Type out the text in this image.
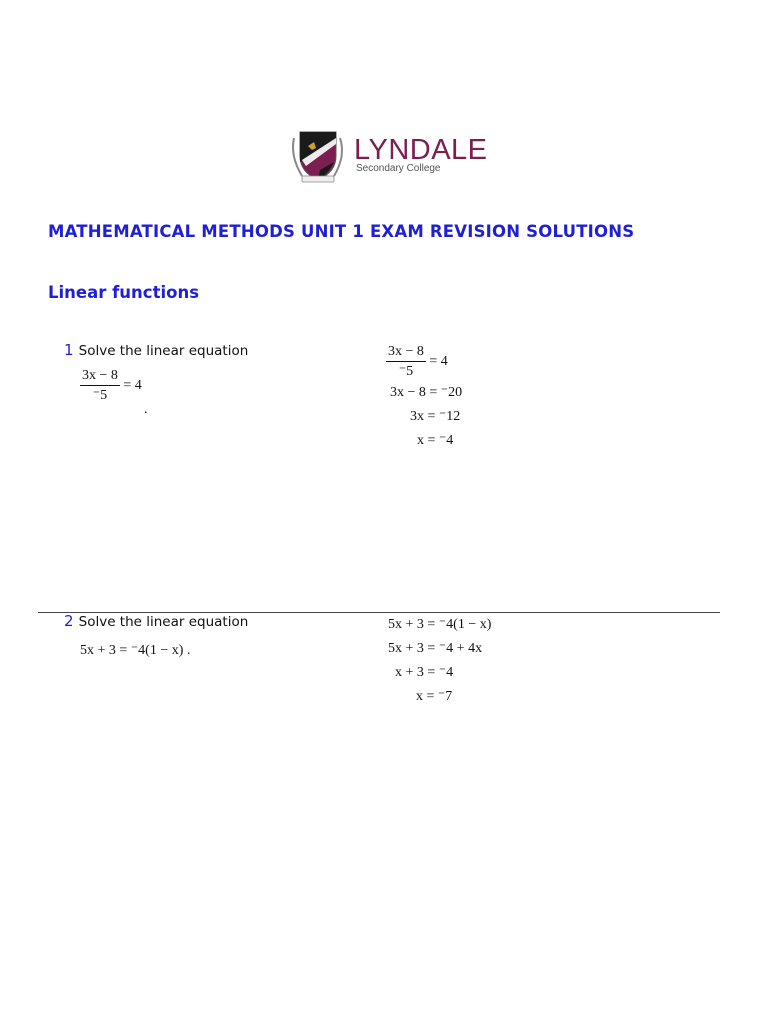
LYNDALE
Secondary College
MATHEMATICAL METHODS UNIT 1 EXAM REVISION SOLUTIONS
Linear functions
1 Solve the linear equation
$\frac{3x - 8}{^-5} = 4$
.
$\frac{3x - 8}{^-5} = 4$
3x − 8 = ⁻20
3x = ⁻12
x = ⁻4
2 Solve the linear equation
5x + 3 = ⁻4(1 − x) .
5x + 3 = ⁻4(1 − x)
5x + 3 = ⁻4 + 4x
x + 3 = ⁻4
x = ⁻7
